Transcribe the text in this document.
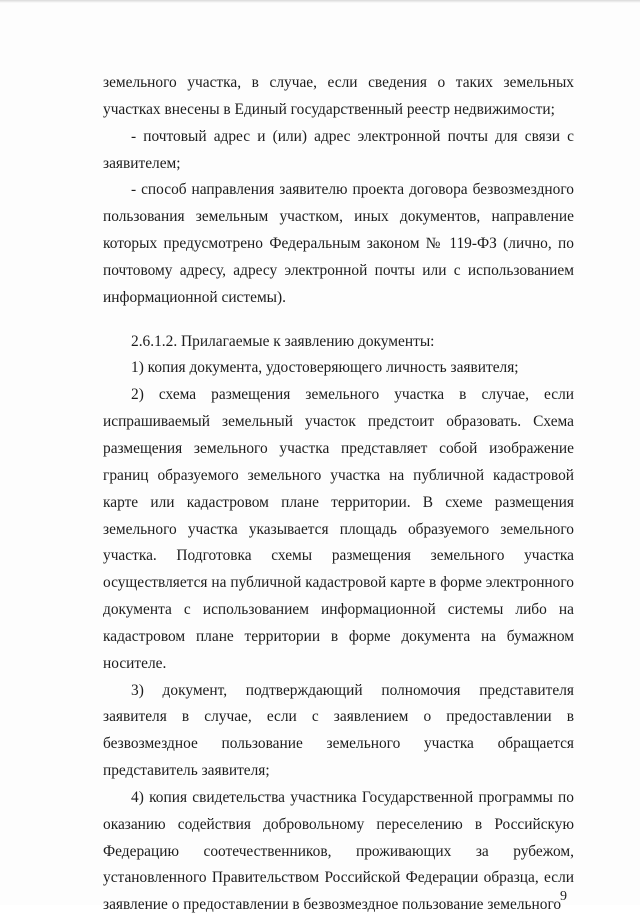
земельного участка, в случае, если сведения о таких земельных участках внесены в Единый государственный реестр недвижимости;

- почтовый адрес и (или) адрес электронной почты для связи с заявителем;

- способ направления заявителю проекта договора безвозмездного пользования земельным участком, иных документов, направление которых предусмотрено Федеральным законом № 119-ФЗ (лично, по почтовому адресу, адресу электронной почты или с использованием информационной системы).

2.6.1.2. Прилагаемые к заявлению документы:

1) копия документа, удостоверяющего личность заявителя;

2) схема размещения земельного участка в случае, если испрашиваемый земельный участок предстоит образовать. Схема размещения земельного участка представляет собой изображение границ образуемого земельного участка на публичной кадастровой карте или кадастровом плане территории. В схеме размещения земельного участка указывается площадь образуемого земельного участка. Подготовка схемы размещения земельного участка осуществляется на публичной кадастровой карте в форме электронного документа с использованием информационной системы либо на кадастровом плане территории в форме документа на бумажном носителе.

3) документ, подтверждающий полномочия представителя заявителя в случае, если с заявлением о предоставлении в безвозмездное пользование земельного участка обращается представитель заявителя;

4) копия свидетельства участника Государственной программы по оказанию содействия добровольному переселению в Российскую Федерацию соотечественников, проживающих за рубежом, установленного Правительством Российской Федерации образца, если заявление о предоставлении в безвозмездное пользование земельного

9
